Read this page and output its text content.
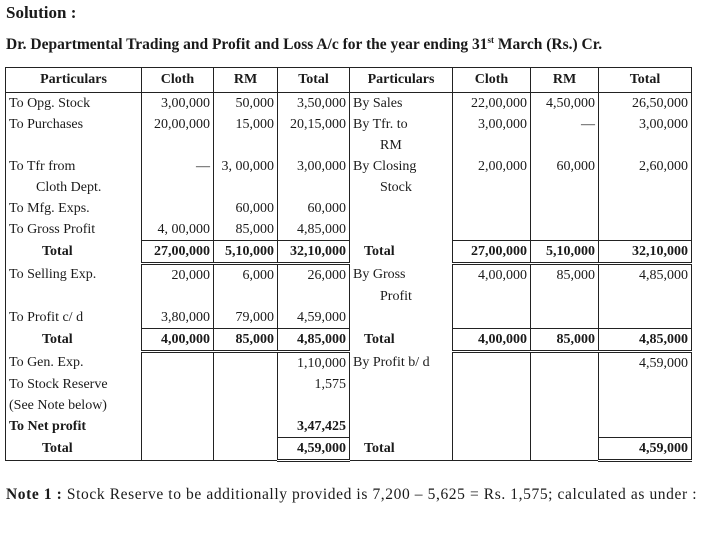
Solution :
Dr. Departmental Trading and Profit and Loss A/c for the year ending 31st March (Rs.) Cr.
Particulars	Cloth	RM	Total	Particulars	Cloth	RM	Total
To Opg. Stock	3,00,000	50,000	3,50,000	By Sales	22,00,000	4,50,000	26,50,000
To Purchases	20,00,000	15,000	20,15,000	By Tfr. to	3,00,000	—	3,00,000
				RM			
To Tfr from	—	3, 00,000	3,00,000	By Closing	2,00,000	60,000	2,60,000
Cloth Dept.				Stock			
To Mfg. Exps.		60,000	60,000				
To Gross Profit	4, 00,000	85,000	4,85,000				
Total	27,00,000	5,10,000	32,10,000	Total	27,00,000	5,10,000	32,10,000
To Selling Exp.	20,000	6,000	26,000	By Gross	4,00,000	85,000	4,85,000
				Profit			
To Profit c/ d	3,80,000	79,000	4,59,000				
Total	4,00,000	85,000	4,85,000	Total	4,00,000	85,000	4,85,000
To Gen. Exp.			1,10,000	By Profit b/ d			4,59,000
To Stock Reserve			1,575				
(See Note below)							
To Net profit			3,47,425				
Total			4,59,000	Total			4,59,000
Note 1 : Stock Reserve to be additionally provided is 7,200 – 5,625 = Rs. 1,575; calculated as under :
